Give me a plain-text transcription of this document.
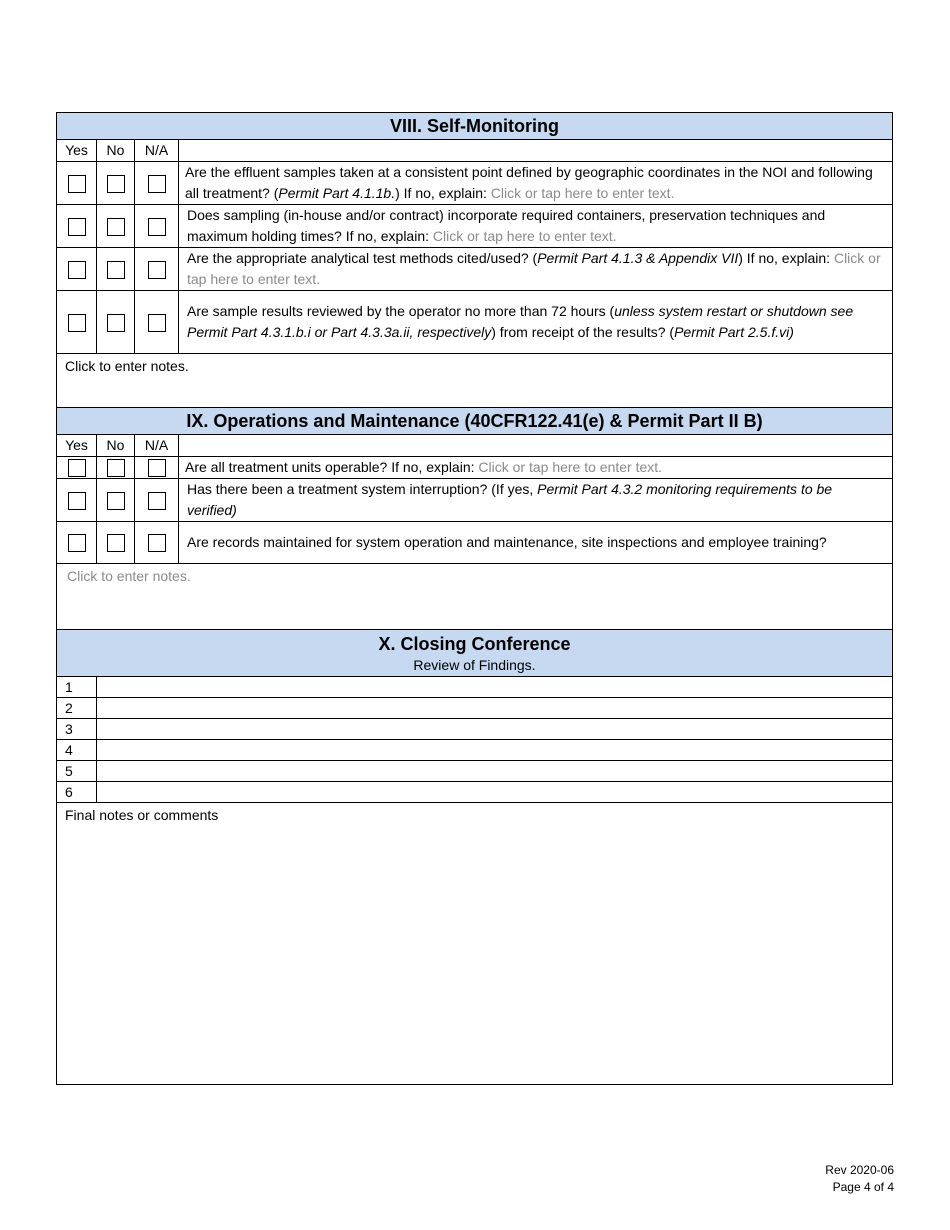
VIII. Self-Monitoring			
Yes	No	N/A	
			Are the effluent samples taken at a consistent point defined by geographic coordinates in the NOI and following all treatment? (Permit Part 4.1.1b.) If no, explain: Click or tap here to enter text.
			Does sampling (in-house and/or contract) incorporate required containers, preservation techniques and maximum holding times? If no, explain: Click or tap here to enter text.
			Are the appropriate analytical test methods cited/used? (Permit Part 4.1.3 & Appendix VII) If no, explain: Click or tap here to enter text.
			Are sample results reviewed by the operator no more than 72 hours (unless system restart or shutdown see Permit Part 4.3.1.b.i or Part 4.3.3a.ii, respectively) from receipt of the results? (Permit Part 2.5.f.vi)
Click to enter notes.			
IX. Operations and Maintenance (40CFR122.41(e) & Permit Part II B)			
Yes	No	N/A	
			Are all treatment units operable? If no, explain: Click or tap here to enter text.
			Has there been a treatment system interruption? (If yes, Permit Part 4.3.2 monitoring requirements to be verified)
			Are records maintained for system operation and maintenance, site inspections and employee training?
Click to enter notes.			
X. Closing Conference
Review of Findings.			

1			
2			
3			
4			
5			
6			
Final notes or comments			
Rev 2020-06
Page 4 of 4
